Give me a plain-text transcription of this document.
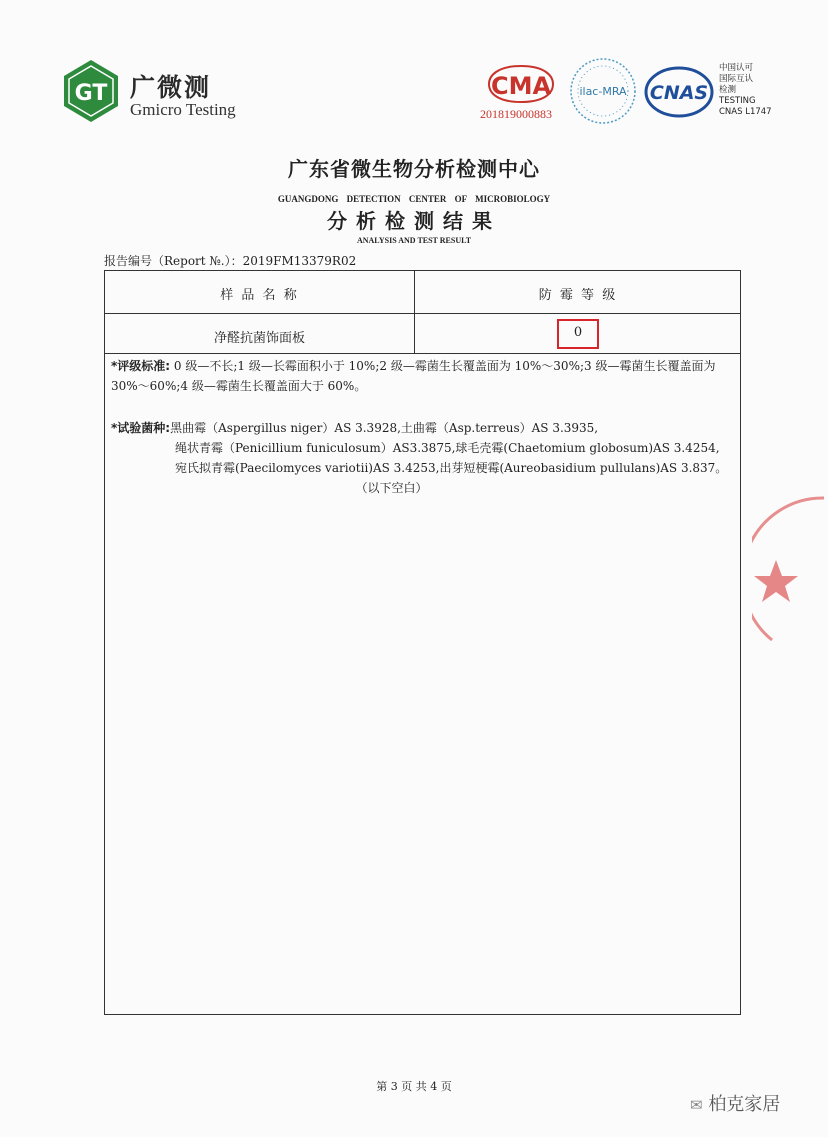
GT 广微测
Gmicro Testing
CMA
201819000883
ilac-MRA CNAS
中国认可
国际互认
检测
TESTING
CNAS L1747
广东省微生物分析检测中心
GUANGDONG DETECTION CENTER OF MICROBIOLOGY
分析检测结果
ANALYSIS AND TEST RESULT
报告编号（Report №.）：2019FM13379R02
样 品 名 称	防 霉 等 级
净醛抗菌饰面板	0
*评级标准: 0 级—不长;1 级—长霉面积小于 10%;2 级—霉菌生长覆盖面为 10%～30%;3 级—霉菌生长覆盖面为 30%～60%;4 级—霉菌生长覆盖面大于 60%。
*试验菌种:黑曲霉（Aspergillus niger）AS 3.3928,土曲霉（Asp.terreus）AS 3.3935,
绳状青霉（Penicillium funiculosum）AS3.3875,球毛壳霉(Chaetomium globosum)AS 3.4254,
宛氏拟青霉(Paecilomyces variotii)AS 3.4253,出芽短梗霉(Aureobasidium pullulans)AS 3.837。
（以下空白）
第 3 页 共 4 页
✉ 柏克家居
